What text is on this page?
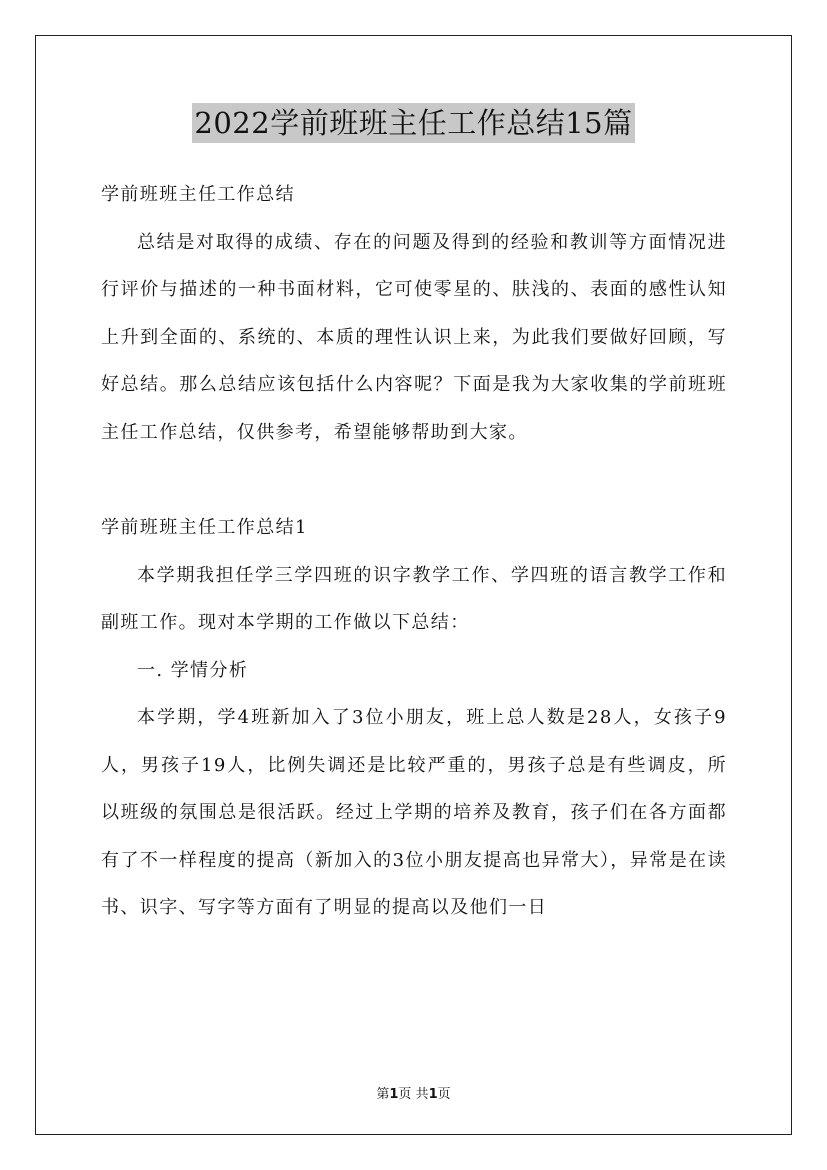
2022学前班班主任工作总结15篇

学前班班主任工作总结

总结是对取得的成绩、存在的问题及得到的经验和教训等方面情况进行评价与描述的一种书面材料，它可使零星的、肤浅的、表面的感性认知上升到全面的、系统的、本质的理性认识上来，为此我们要做好回顾，写好总结。那么总结应该包括什么内容呢？下面是我为大家收集的学前班班主任工作总结，仅供参考，希望能够帮助到大家。

学前班班主任工作总结1

本学期我担任学三学四班的识字教学工作、学四班的语言教学工作和副班工作。现对本学期的工作做以下总结：

一. 学情分析

本学期，学4班新加入了3位小朋友，班上总人数是28人，女孩子9人，男孩子19人，比例失调还是比较严重的，男孩子总是有些调皮，所以班级的氛围总是很活跃。经过上学期的培养及教育，孩子们在各方面都有了不一样程度的提高（新加入的3位小朋友提高也异常大），异常是在读书、识字、写字等方面有了明显的提高以及他们一日

第1页 共1页
